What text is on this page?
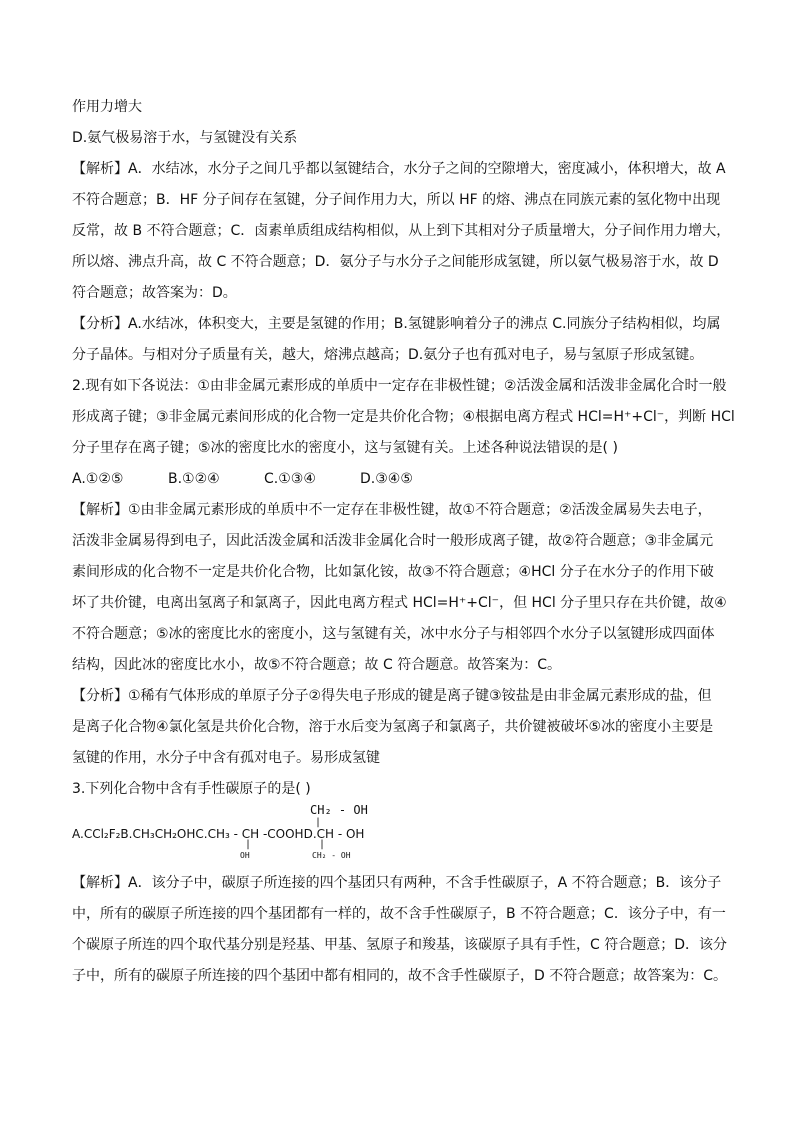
作用力增大

D.氨气极易溶于水，与氢键没有关系

【解析】A．水结冰，水分子之间几乎都以氢键结合，水分子之间的空隙增大，密度减小，体积增大，故 A

不符合题意；B．HF 分子间存在氢键，分子间作用力大，所以 HF 的熔、沸点在同族元素的氢化物中出现

反常，故 B 不符合题意；C．卤素单质组成结构相似，从上到下其相对分子质量增大，分子间作用力增大，

所以熔、沸点升高，故 C 不符合题意；D．氨分子与水分子之间能形成氢键，所以氨气极易溶于水，故 D

符合题意；故答案为：D。

【分析】A.水结冰，体积变大，主要是氢键的作用；B.氢键影响着分子的沸点 C.同族分子结构相似，均属

分子晶体。与相对分子质量有关，越大，熔沸点越高；D.氨分子也有孤对电子，易与氢原子形成氢键。

2.现有如下各说法：①由非金属元素形成的单质中一定存在非极性键；②活泼金属和活泼非金属化合时一般

形成离子键；③非金属元素间形成的化合物一定是共价化合物；④根据电离方程式 HCl=H⁺+Cl⁻，判断 HCl

分子里存在离子键；⑤冰的密度比水的密度小，这与氢键有关。上述各种说法错误的是( )

A.①②⑤	B.①②④	C.①③④	D.③④⑤

【解析】①由非金属元素形成的单质中不一定存在非极性键，故①不符合题意；②活泼金属易失去电子，

活泼非金属易得到电子，因此活泼金属和活泼非金属化合时一般形成离子键，故②符合题意；③非金属元

素间形成的化合物不一定是共价化合物，比如氯化铵，故③不符合题意；④HCl 分子在水分子的作用下破

坏了共价键，电离出氢离子和氯离子，因此电离方程式 HCl=H⁺+Cl⁻，但 HCl 分子里只存在共价键，故④

不符合题意；⑤冰的密度比水的密度小，这与氢键有关，冰中水分子与相邻四个水分子以氢键形成四面体

结构，因此冰的密度比水小，故⑤不符合题意；故 C 符合题意。故答案为：C。

【分析】①稀有气体形成的单原子分子②得失电子形成的键是离子键③铵盐是由非金属元素形成的盐，但

是离子化合物④氯化氢是共价化合物，溶于水后变为氢离子和氯离子，共价键被破坏⑤冰的密度小主要是

氢键的作用，水分子中含有孤对电子。易形成氢键

3.下列化合物中含有手性碳原子的是( )

CH₂ - OH
|
A.CCl₂F₂B.CH₃CH₂OHC.CH₃ - CH -COOHD.CH - OH
|
OH
|
CH₂ - OH

【解析】A．该分子中，碳原子所连接的四个基团只有两种，不含手性碳原子，A 不符合题意；B．该分子

中，所有的碳原子所连接的四个基团都有一样的，故不含手性碳原子，B 不符合题意；C．该分子中，有一

个碳原子所连的四个取代基分别是羟基、甲基、氢原子和羧基，该碳原子具有手性，C 符合题意；D．该分

子中，所有的碳原子所连接的四个基团中都有相同的，故不含手性碳原子，D 不符合题意；故答案为：C。
